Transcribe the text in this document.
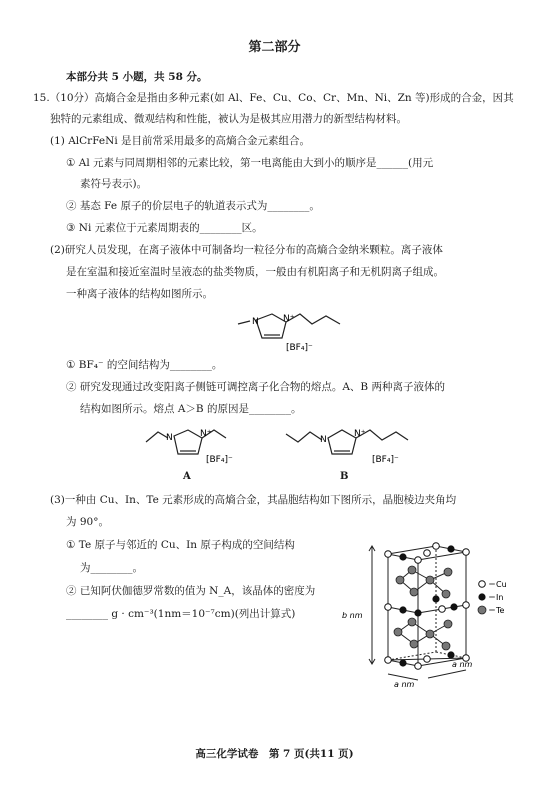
第二部分
本部分共 5 小题，共 58 分。
15.（10分）高熵合金是指由多种元素(如 Al、Fe、Cu、Co、Cr、Mn、Ni、Zn 等)形成的合金，因其
独特的元素组成、微观结构和性能，被认为是极其应用潜力的新型结构材料。
(1) AlCrFeNi 是目前常采用最多的高熵合金元素组合。
① Al 元素与同周期相邻的元素比较，第一电离能由大到小的顺序是______(用元
素符号表示)。
② 基态 Fe 原子的价层电子的轨道表示式为________。
③ Ni 元素位于元素周期表的________区。
(2)研究人员发现，在离子液体中可制备均一粒径分布的高熵合金纳米颗粒。离子液体
是在室温和接近室温时呈液态的盐类物质，一般由有机阳离子和无机阴离子组成。
一种离子液体的结构如图所示。
N	N⁺
[BF₄]⁻
① BF₄⁻ 的空间结构为________。
② 研究发现通过改变阳离子侧链可调控离子化合物的熔点。A、B 两种离子液体的
结构如图所示。熔点 A＞B 的原因是________。
N	N⁺
[BF₄]⁻
A
N
N⁺
[BF₄]⁻
B
(3)一种由 Cu、In、Te 元素形成的高熵合金，其晶胞结构如下图所示，晶胞棱边夹角均
为 90°。
① Te 原子与邻近的 Cu、In 原子构成的空间结构
为________。
② 已知阿伏伽德罗常数的值为 N_A，该晶体的密度为
________ g · cm⁻³(1nm＝10⁻⁷cm)(列出计算式)	b nm
a nm
a nm
＝Cu
＝In
＝Te
高三化学试卷　第 7 页(共11 页)
